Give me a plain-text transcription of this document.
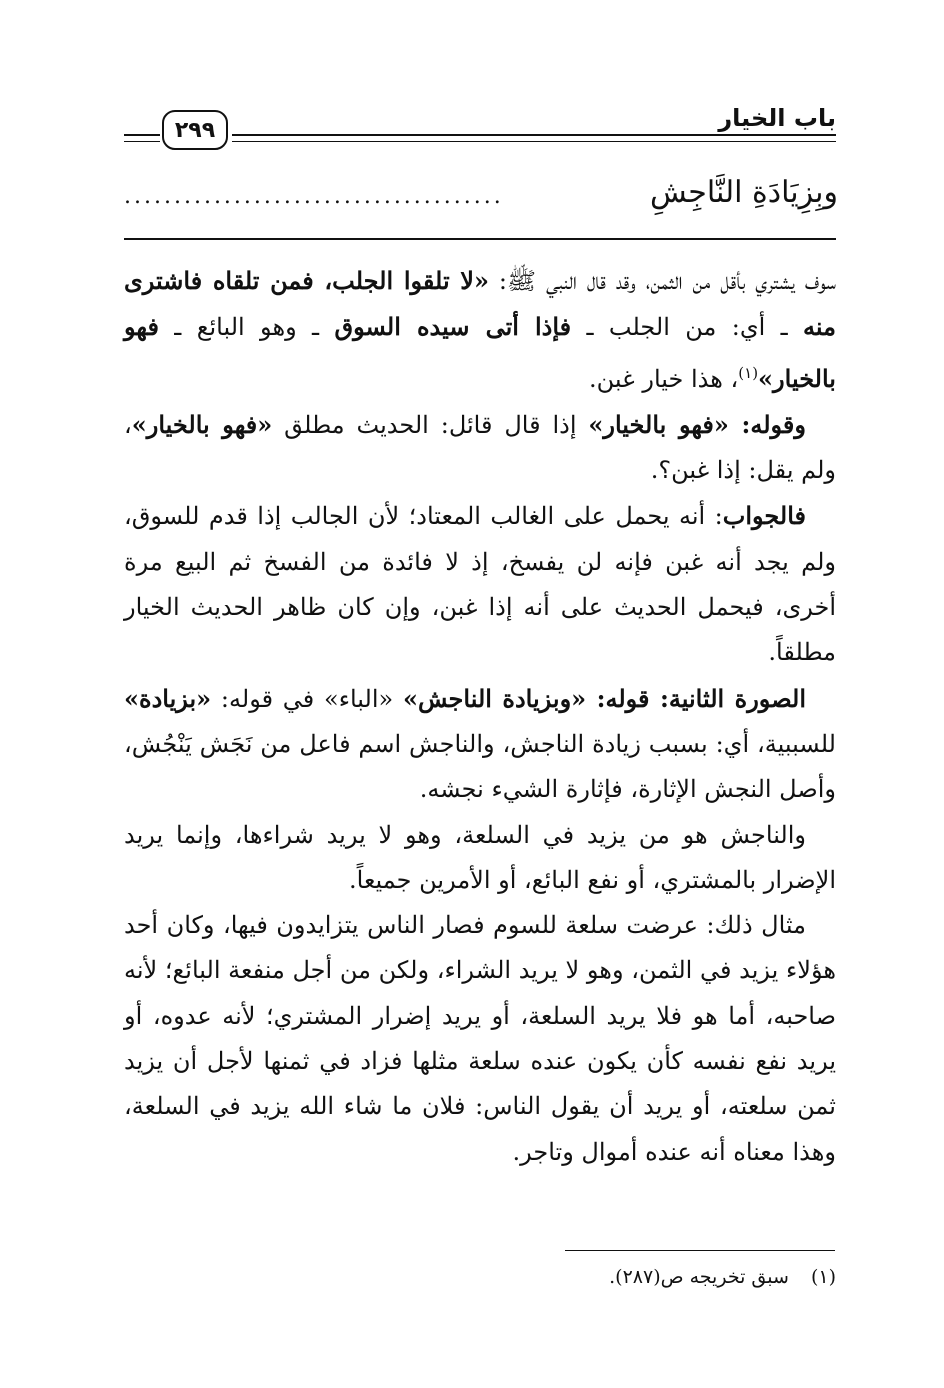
باب الخيار
٢٩٩
وبِزِيَادَةِ النَّاجِشِ
......................................

سوف يشتري بأقل من الثمن، وقد قال النبي ﷺ: «لا تلقوا الجلب، فمن تلقاه فاشترى منه ـ أي: من الجلب ـ فإذا أتى سيده السوق ـ وهو البائع ـ فهو بالخيار»$^{(١)}$، هذا خيار غبن.

وقوله: «فهو بالخيار» إذا قال قائل: الحديث مطلق «فهو بالخيار»، ولم يقل: إذا غبن؟.

فالجواب: أنه يحمل على الغالب المعتاد؛ لأن الجالب إذا قدم للسوق، ولم يجد أنه غبن فإنه لن يفسخ، إذ لا فائدة من الفسخ ثم البيع مرة أخرى، فيحمل الحديث على أنه إذا غبن، وإن كان ظاهر الحديث الخيار مطلقاً.

الصورة الثانية: قوله: «وبزيادة الناجش» «الباء» في قوله: «بزيادة» للسببية، أي: بسبب زيادة الناجش، والناجش اسم فاعل من نَجَش يَنْجُش، وأصل النجش الإثارة، فإثارة الشيء نجشه.

والناجش هو من يزيد في السلعة، وهو لا يريد شراءها، وإنما يريد الإضرار بالمشتري، أو نفع البائع، أو الأمرين جميعاً.

مثال ذلك: عرضت سلعة للسوم فصار الناس يتزايدون فيها، وكان أحد هؤلاء يزيد في الثمن، وهو لا يريد الشراء، ولكن من أجل منفعة البائع؛ لأنه صاحبه، أما هو فلا يريد السلعة، أو يريد إضرار المشتري؛ لأنه عدوه، أو يريد نفع نفسه كأن يكون عنده سلعة مثلها فزاد في ثمنها لأجل أن يزيد ثمن سلعته، أو يريد أن يقول الناس: فلان ما شاء الله يزيد في السلعة، وهذا معناه أنه عنده أموال وتاجر.

(١)سبق تخريجه ص(٢٨٧).
